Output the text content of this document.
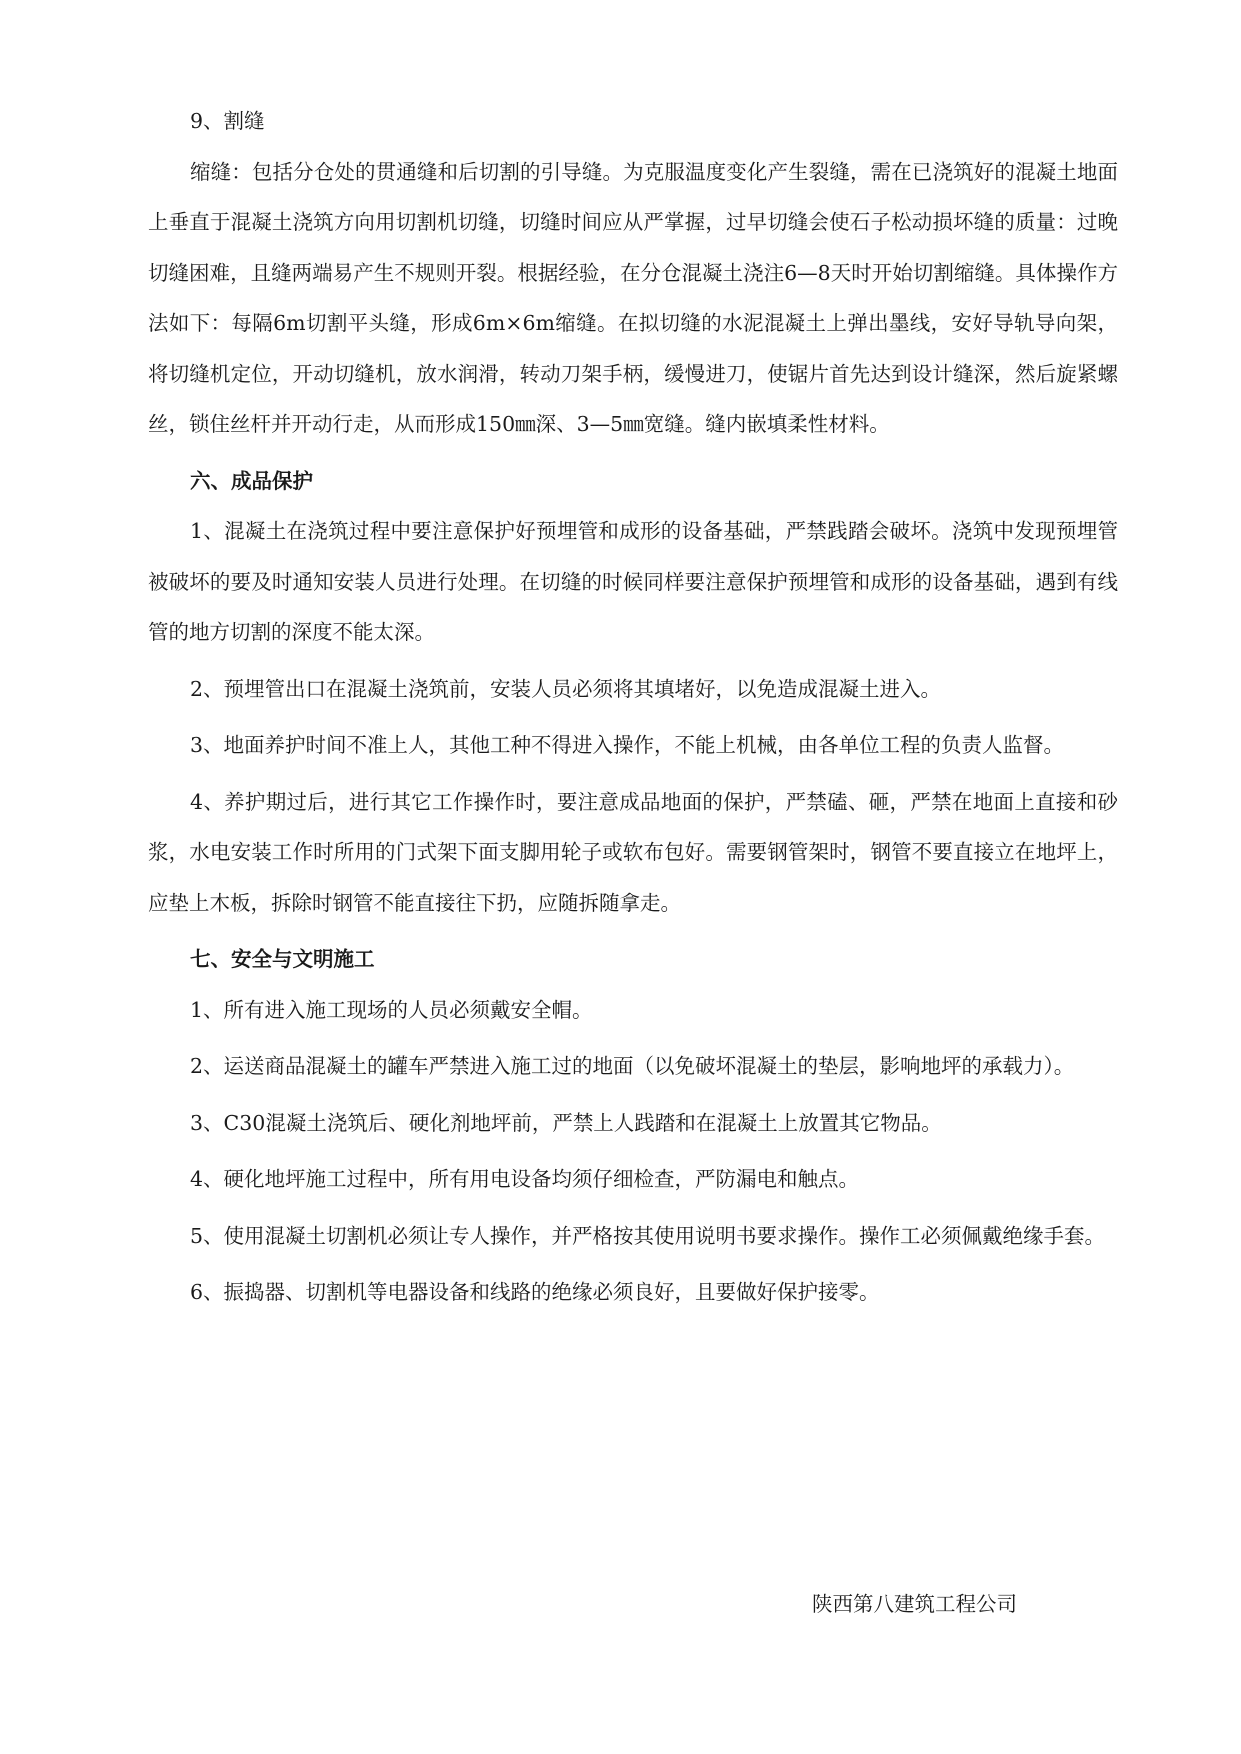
9、割缝

缩缝：包括分仓处的贯通缝和后切割的引导缝。为克服温度变化产生裂缝，需在已浇筑好的混凝土地面上垂直于混凝土浇筑方向用切割机切缝，切缝时间应从严掌握，过早切缝会使石子松动损坏缝的质量：过晚切缝困难，且缝两端易产生不规则开裂。根据经验，在分仓混凝土浇注6—8天时开始切割缩缝。具体操作方法如下：每隔6m切割平头缝，形成6m×6m缩缝。在拟切缝的水泥混凝土上弹出墨线，安好导轨导向架，将切缝机定位，开动切缝机，放水润滑，转动刀架手柄，缓慢进刀，使锯片首先达到设计缝深，然后旋紧螺丝，锁住丝杆并开动行走，从而形成150㎜深、3—5㎜宽缝。缝内嵌填柔性材料。

六、成品保护

1、混凝土在浇筑过程中要注意保护好预埋管和成形的设备基础，严禁践踏会破坏。浇筑中发现预埋管被破坏的要及时通知安装人员进行处理。在切缝的时候同样要注意保护预埋管和成形的设备基础，遇到有线管的地方切割的深度不能太深。

2、预埋管出口在混凝土浇筑前，安装人员必须将其填堵好，以免造成混凝土进入。

3、地面养护时间不准上人，其他工种不得进入操作，不能上机械，由各单位工程的负责人监督。

4、养护期过后，进行其它工作操作时，要注意成品地面的保护，严禁磕、砸，严禁在地面上直接和砂浆，水电安装工作时所用的门式架下面支脚用轮子或软布包好。需要钢管架时，钢管不要直接立在地坪上，应垫上木板，拆除时钢管不能直接往下扔，应随拆随拿走。

七、安全与文明施工

1、所有进入施工现场的人员必须戴安全帽。

2、运送商品混凝土的罐车严禁进入施工过的地面（以免破坏混凝土的垫层，影响地坪的承载力）。

3、C30混凝土浇筑后、硬化剂地坪前，严禁上人践踏和在混凝土上放置其它物品。

4、硬化地坪施工过程中，所有用电设备均须仔细检查，严防漏电和触点。

5、使用混凝土切割机必须让专人操作，并严格按其使用说明书要求操作。操作工必须佩戴绝缘手套。

6、振捣器、切割机等电器设备和线路的绝缘必须良好，且要做好保护接零。

陕西第八建筑工程公司
